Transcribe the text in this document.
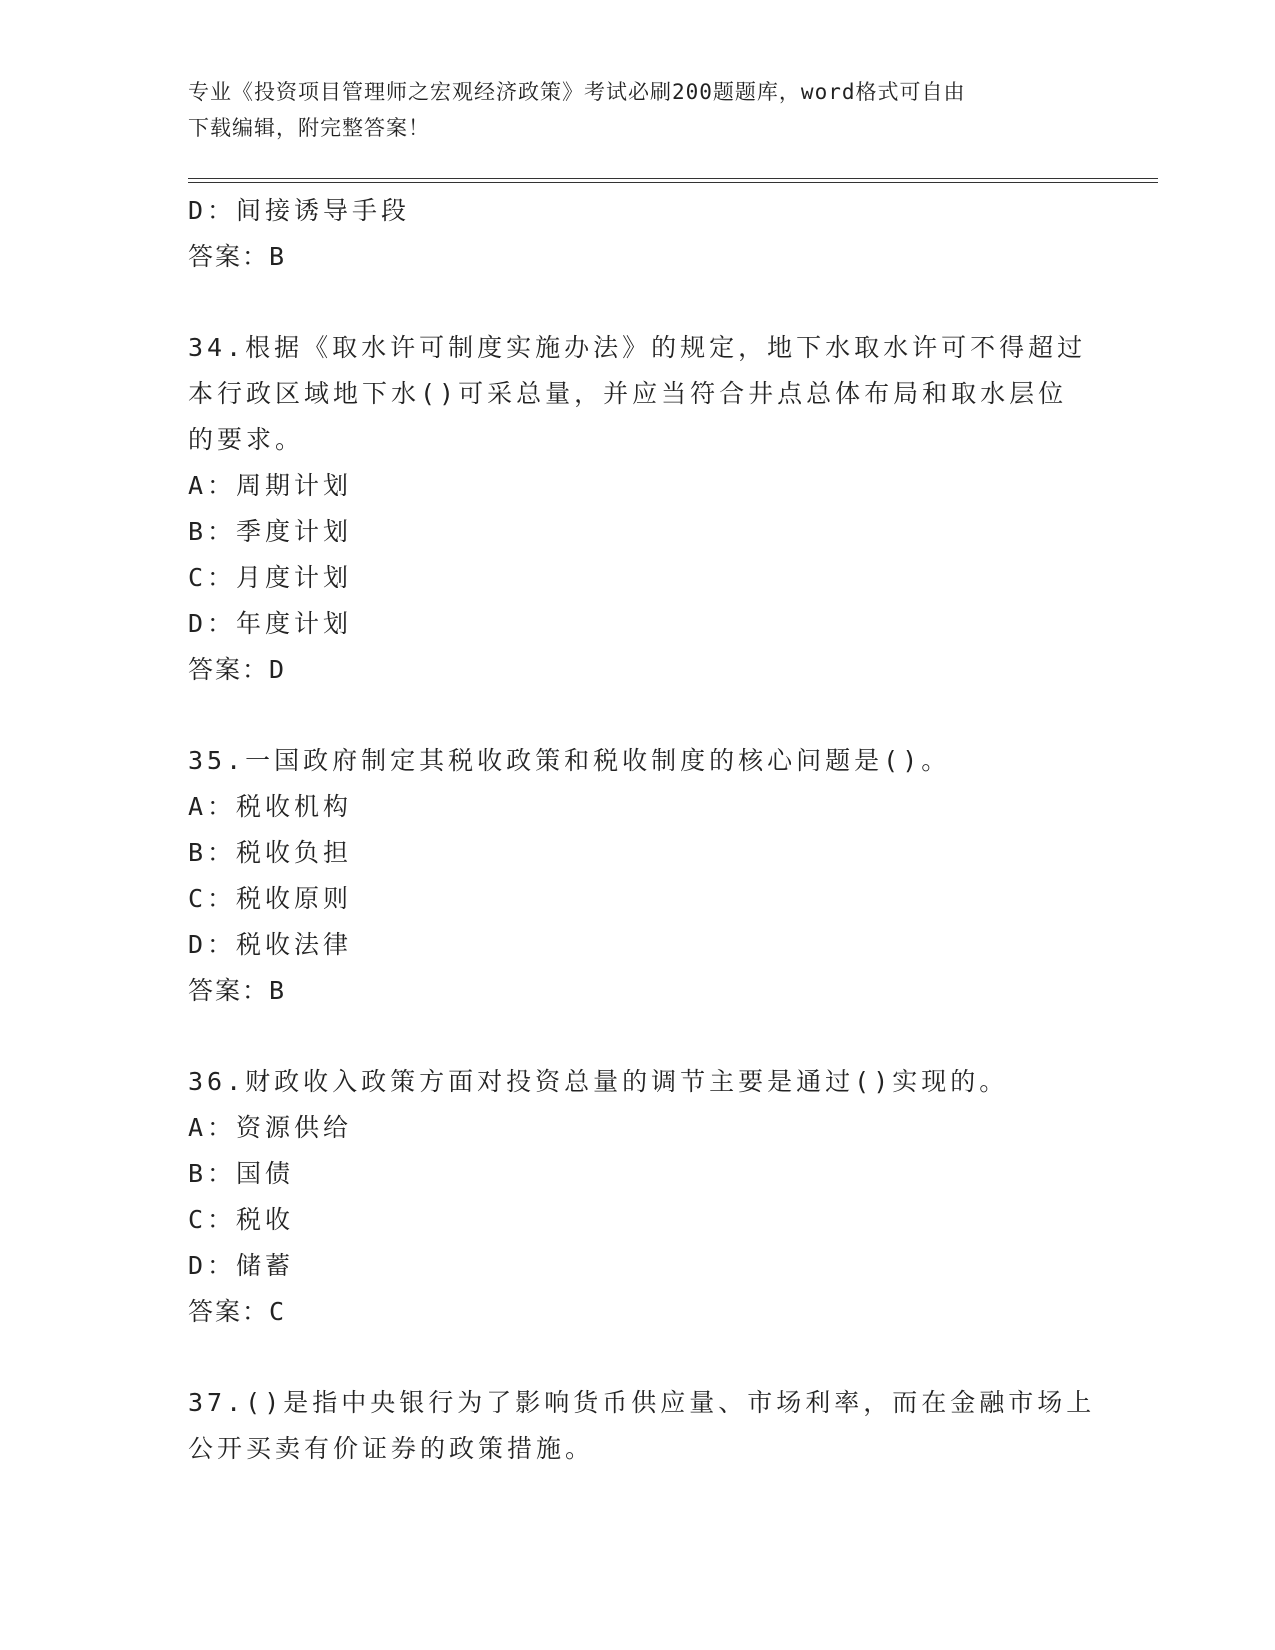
专业《投资项目管理师之宏观经济政策》考试必刷200题题库，word格式可自由
下载编辑，附完整答案！
D：间接诱导手段
答案：B
34.根据《取水许可制度实施办法》的规定，地下水取水许可不得超过
本行政区域地下水()可采总量，并应当符合井点总体布局和取水层位
的要求。
A：周期计划
B：季度计划
C：月度计划
D：年度计划
答案：D
35.一国政府制定其税收政策和税收制度的核心问题是()。
A：税收机构
B：税收负担
C：税收原则
D：税收法律
答案：B
36.财政收入政策方面对投资总量的调节主要是通过()实现的。
A：资源供给
B：国债
C：税收
D：储蓄
答案：C
37.()是指中央银行为了影响货币供应量、市场利率，而在金融市场上
公开买卖有价证券的政策措施。
